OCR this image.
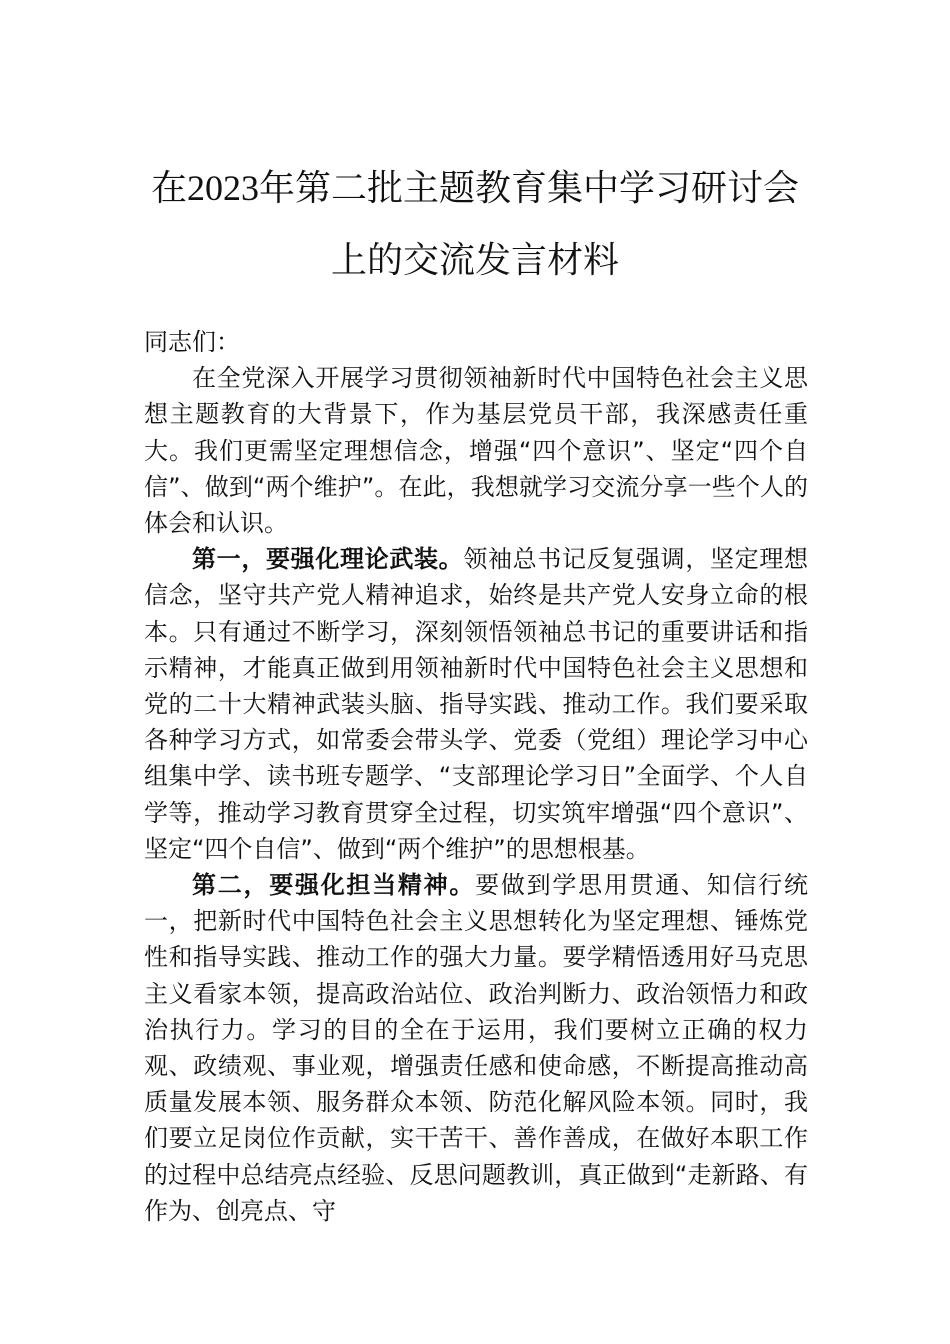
在2023年第二批主题教育集中学习研讨会
上的交流发言材料

同志们：

在全党深入开展学习贯彻领袖新时代中国特色社会主义思想主题教育的大背景下，作为基层党员干部，我深感责任重大。我们更需坚定理想信念，增强“四个意识”、坚定“四个自信”、做到“两个维护”。在此，我想就学习交流分享一些个人的体会和认识。

第一，要强化理论武装。领袖总书记反复强调，坚定理想信念，坚守共产党人精神追求，始终是共产党人安身立命的根本。只有通过不断学习，深刻领悟领袖总书记的重要讲话和指示精神，才能真正做到用领袖新时代中国特色社会主义思想和党的二十大精神武装头脑、指导实践、推动工作。我们要采取各种学习方式，如常委会带头学、党委（党组）理论学习中心组集中学、读书班专题学、“支部理论学习日”全面学、个人自学等，推动学习教育贯穿全过程，切实筑牢增强“四个意识”、坚定“四个自信”、做到“两个维护”的思想根基。

第二，要强化担当精神。要做到学思用贯通、知信行统一，把新时代中国特色社会主义思想转化为坚定理想、锤炼党性和指导实践、推动工作的强大力量。要学精悟透用好马克思主义看家本领，提高政治站位、政治判断力、政治领悟力和政治执行力。学习的目的全在于运用，我们要树立正确的权力观、政绩观、事业观，增强责任感和使命感，不断提高推动高质量发展本领、服务群众本领、防范化解风险本领。同时，我们要立足岗位作贡献，实干苦干、善作善成，在做好本职工作的过程中总结亮点经验、反思问题教训，真正做到“走新路、有作为、创亮点、守
